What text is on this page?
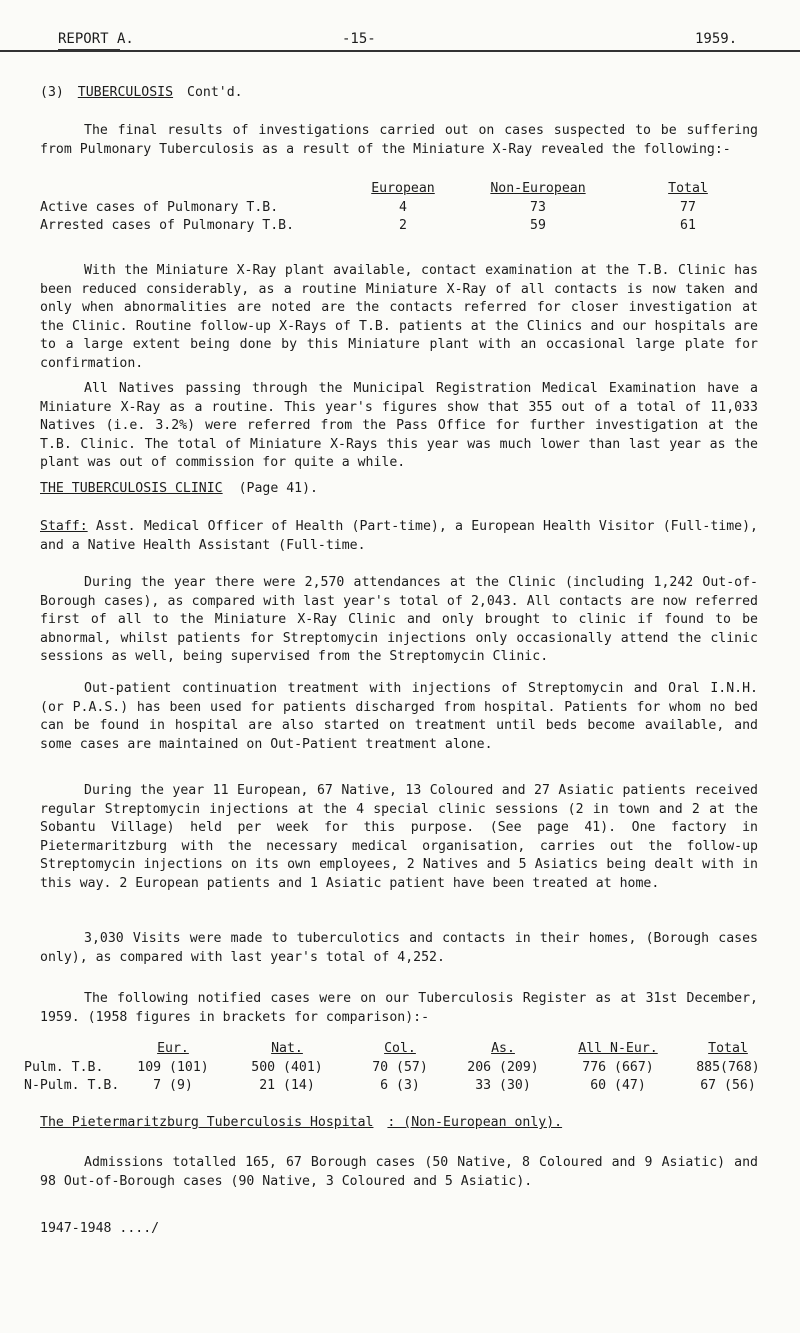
REPORT A.	-15-	1959.
(3) TUBERCULOSIS Cont'd.

The final results of investigations carried out on cases suspected to be suffering from Pulmonary Tuberculosis as a result of the Miniature X-Ray revealed the following:-

	European	Non-European	Total
Active cases of Pulmonary T.B.	4	73	77
Arrested cases of Pulmonary T.B.	2	59	61

With the Miniature X-Ray plant available, contact examination at the T.B. Clinic has been reduced considerably, as a routine Miniature X-Ray of all contacts is now taken and only when abnormalities are noted are the contacts referred for closer investigation at the Clinic. Routine follow-up X-Rays of T.B. patients at the Clinics and our hospitals are to a large extent being done by this Miniature plant with an occasional large plate for confirmation.

All Natives passing through the Municipal Registration Medical Examination have a Miniature X-Ray as a routine. This year's figures show that 355 out of a total of 11,033 Natives (i.e. 3.2%) were referred from the Pass Office for further investigation at the T.B. Clinic. The total of Miniature X-Rays this year was much lower than last year as the plant was out of commission for quite a while.

THE TUBERCULOSIS CLINIC (Page 41).

Staff: Asst. Medical Officer of Health (Part-time), a European Health Visitor (Full-time), and a Native Health Assistant (Full-time.

During the year there were 2,570 attendances at the Clinic (including 1,242 Out-of-Borough cases), as compared with last year's total of 2,043. All contacts are now referred first of all to the Miniature X-Ray Clinic and only brought to clinic if found to be abnormal, whilst patients for Streptomycin injections only occasionally attend the clinic sessions as well, being supervised from the Streptomycin Clinic.

Out-patient continuation treatment with injections of Streptomycin and Oral I.N.H. (or P.A.S.) has been used for patients discharged from hospital. Patients for whom no bed can be found in hospital are also started on treatment until beds become available, and some cases are maintained on Out-Patient treatment alone.

During the year 11 European, 67 Native, 13 Coloured and 27 Asiatic patients received regular Streptomycin injections at the 4 special clinic sessions (2 in town and 2 at the Sobantu Village) held per week for this purpose. (See page 41). One factory in Pietermaritzburg with the necessary medical organisation, carries out the follow-up Streptomycin injections on its own employees, 2 Natives and 5 Asiatics being dealt with in this way. 2 European patients and 1 Asiatic patient have been treated at home.

3,030 Visits were made to tuberculotics and contacts in their homes, (Borough cases only), as compared with last year's total of 4,252.

The following notified cases were on our Tuberculosis Register as at 31st December, 1959. (1958 figures in brackets for comparison):-

	Eur.	Nat.	Col.	As.	All N-Eur.	Total
Pulm. T.B.	109 (101)	500 (401)	70 (57)	206 (209)	776 (667)	885(768)
N-Pulm. T.B.	7 (9)	21 (14)	6 (3)	33 (30)	60 (47)	67 (56)
The Pietermaritzburg Tuberculosis Hospital : (Non-European only).

Admissions totalled 165, 67 Borough cases (50 Native, 8 Coloured and 9 Asiatic) and 98 Out-of-Borough cases (90 Native, 3 Coloured and 5 Asiatic).

1947-1948 ..../
